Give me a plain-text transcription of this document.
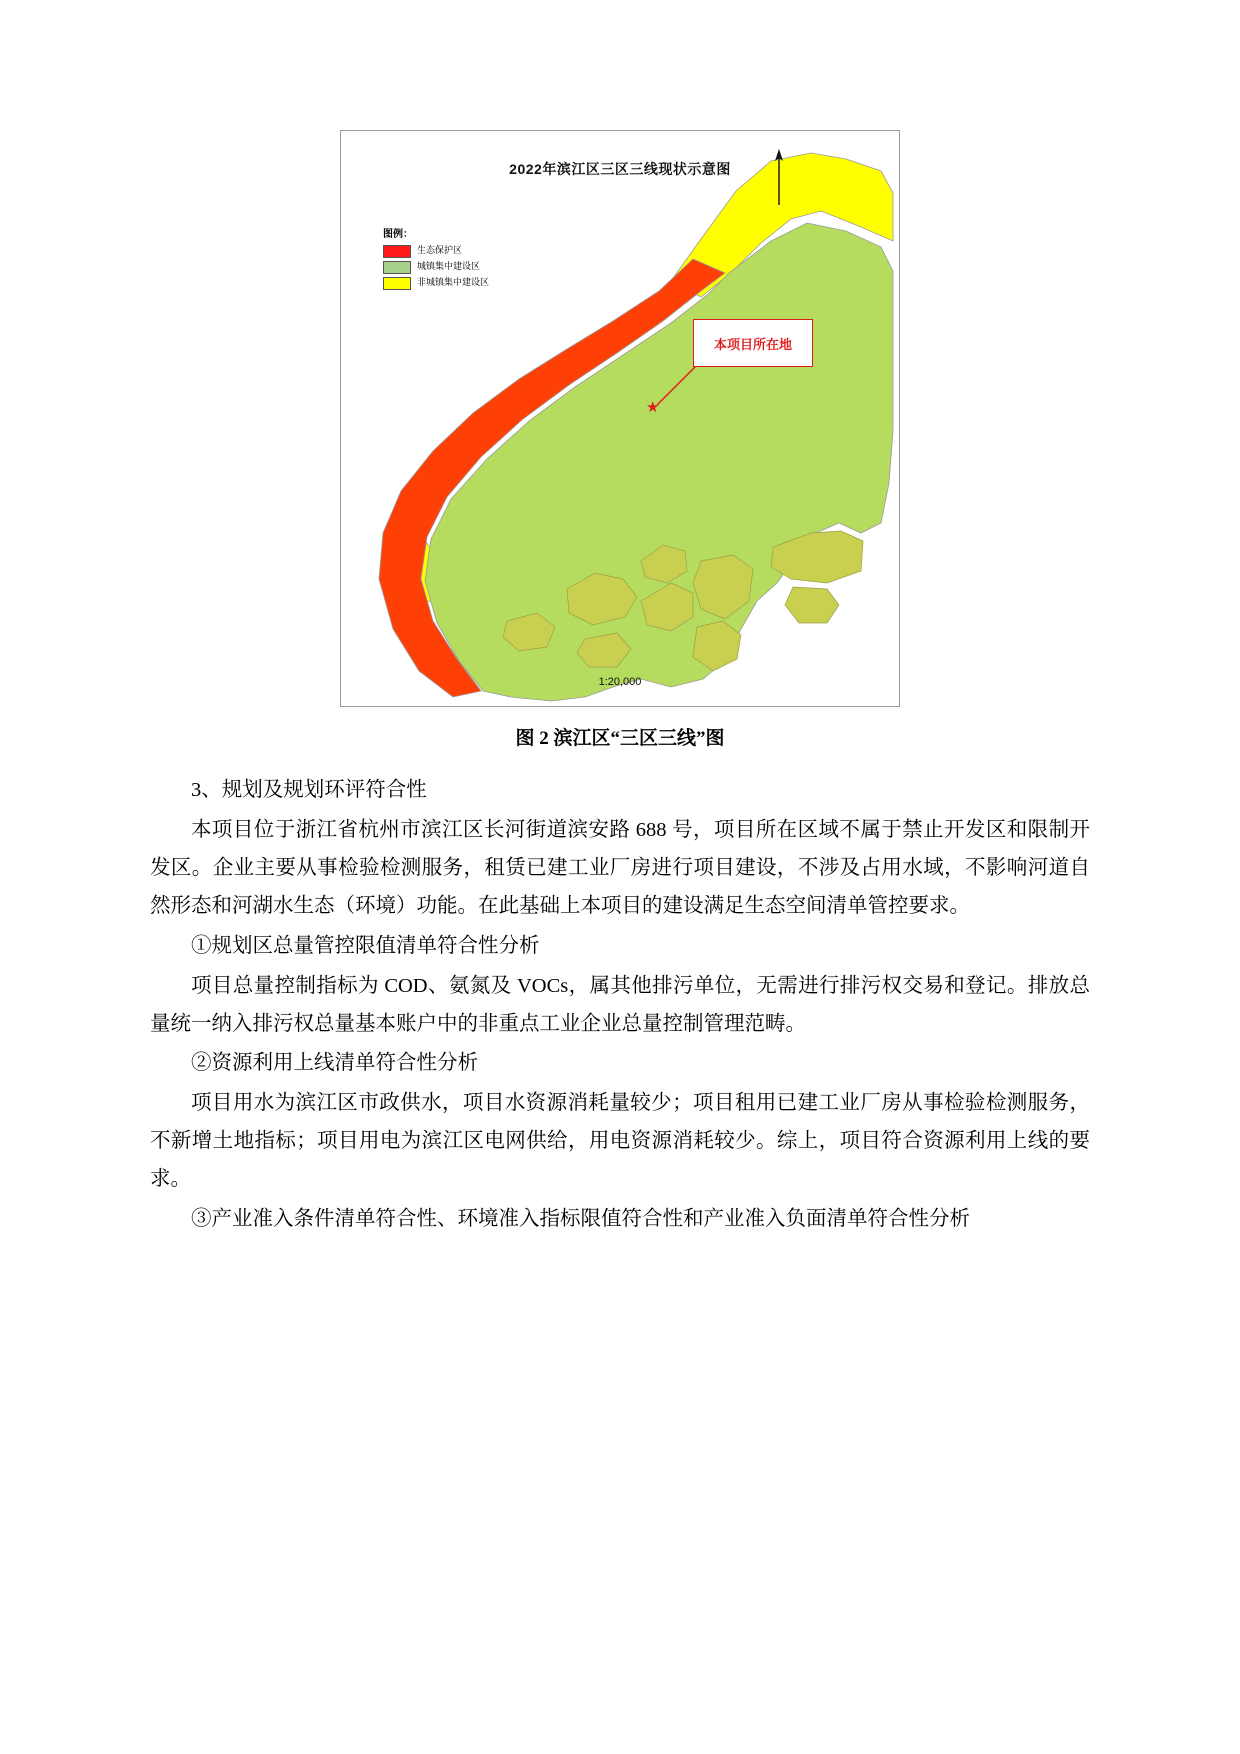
2022年滨江区三区三线现状示意图
图例：
生态保护区
城镇集中建设区
非城镇集中建设区
本项目所在地
★
1:20,000
图 2 滨江区“三区三线”图

3、规划及规划环评符合性

本项目位于浙江省杭州市滨江区长河街道滨安路 688 号，项目所在区域不属于禁止开发区和限制开发区。企业主要从事检验检测服务，租赁已建工业厂房进行项目建设，不涉及占用水域，不影响河道自然形态和河湖水生态（环境）功能。在此基础上本项目的建设满足生态空间清单管控要求。

①规划区总量管控限值清单符合性分析

项目总量控制指标为 COD、氨氮及 VOCs，属其他排污单位，无需进行排污权交易和登记。排放总量统一纳入排污权总量基本账户中的非重点工业企业总量控制管理范畴。

②资源利用上线清单符合性分析

项目用水为滨江区市政供水，项目水资源消耗量较少；项目租用已建工业厂房从事检验检测服务，不新增土地指标；项目用电为滨江区电网供给，用电资源消耗较少。综上，项目符合资源利用上线的要求。

③产业准入条件清单符合性、环境准入指标限值符合性和产业准入负面清单符合性分析
